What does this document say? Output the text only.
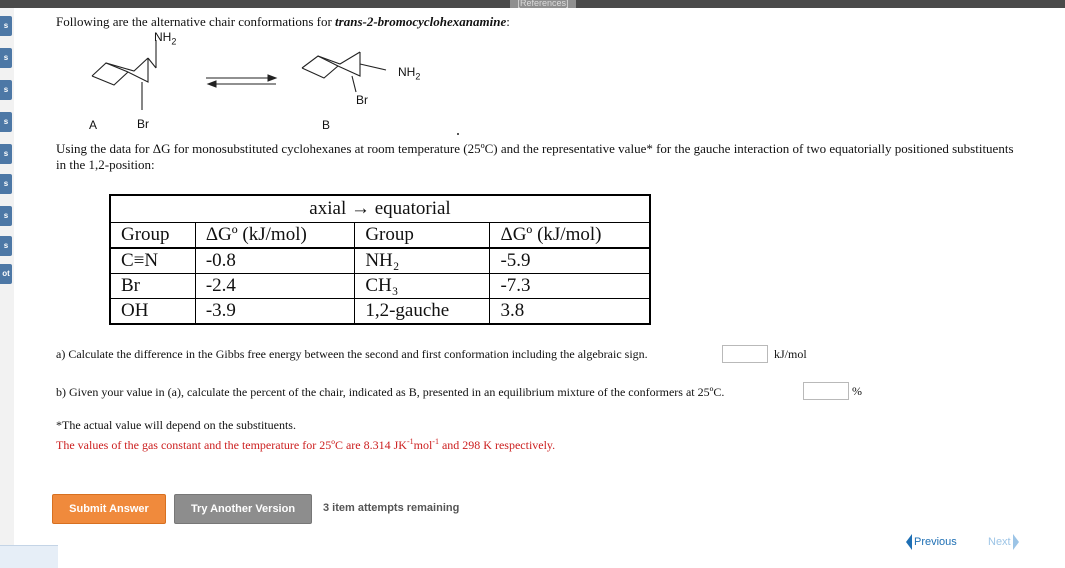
[References]
s
s
s
s
s
s
s
s
ot
Following are the alternative chair conformations for trans-2-bromocyclohexanamine:
$NH_2$
Br
A
$NH_2$
Br
B
Using the data for ΔG for monosubstituted cyclohexanes at room temperature (25ºC) and the representative value* for the gauche interaction of two equatorially positioned substituents in the 1,2-position:
axial → equatorial			
Group	ΔGº (kJ/mol)	Group	ΔGº (kJ/mol)
C≡N	-0.8	NH₂	-5.9
Br	-2.4	CH₃	-7.3
OH	-3.9	1,2-gauche	3.8
a) Calculate the difference in the Gibbs free energy between the second and first conformation including the algebraic sign.	kJ/mol
b) Given your value in (a), calculate the percent of the chair, indicated as B, presented in an equilibrium mixture of the conformers at 25ºC.	%
*The actual value will depend on the substituents.
The values of the gas constant and the temperature for 25ºC are 8.314 $JK^{-1}mol^{-1}$ and 298 K respectively.
Submit Answer	Try Another Version	3 item attempts remaining
Previous	Next
